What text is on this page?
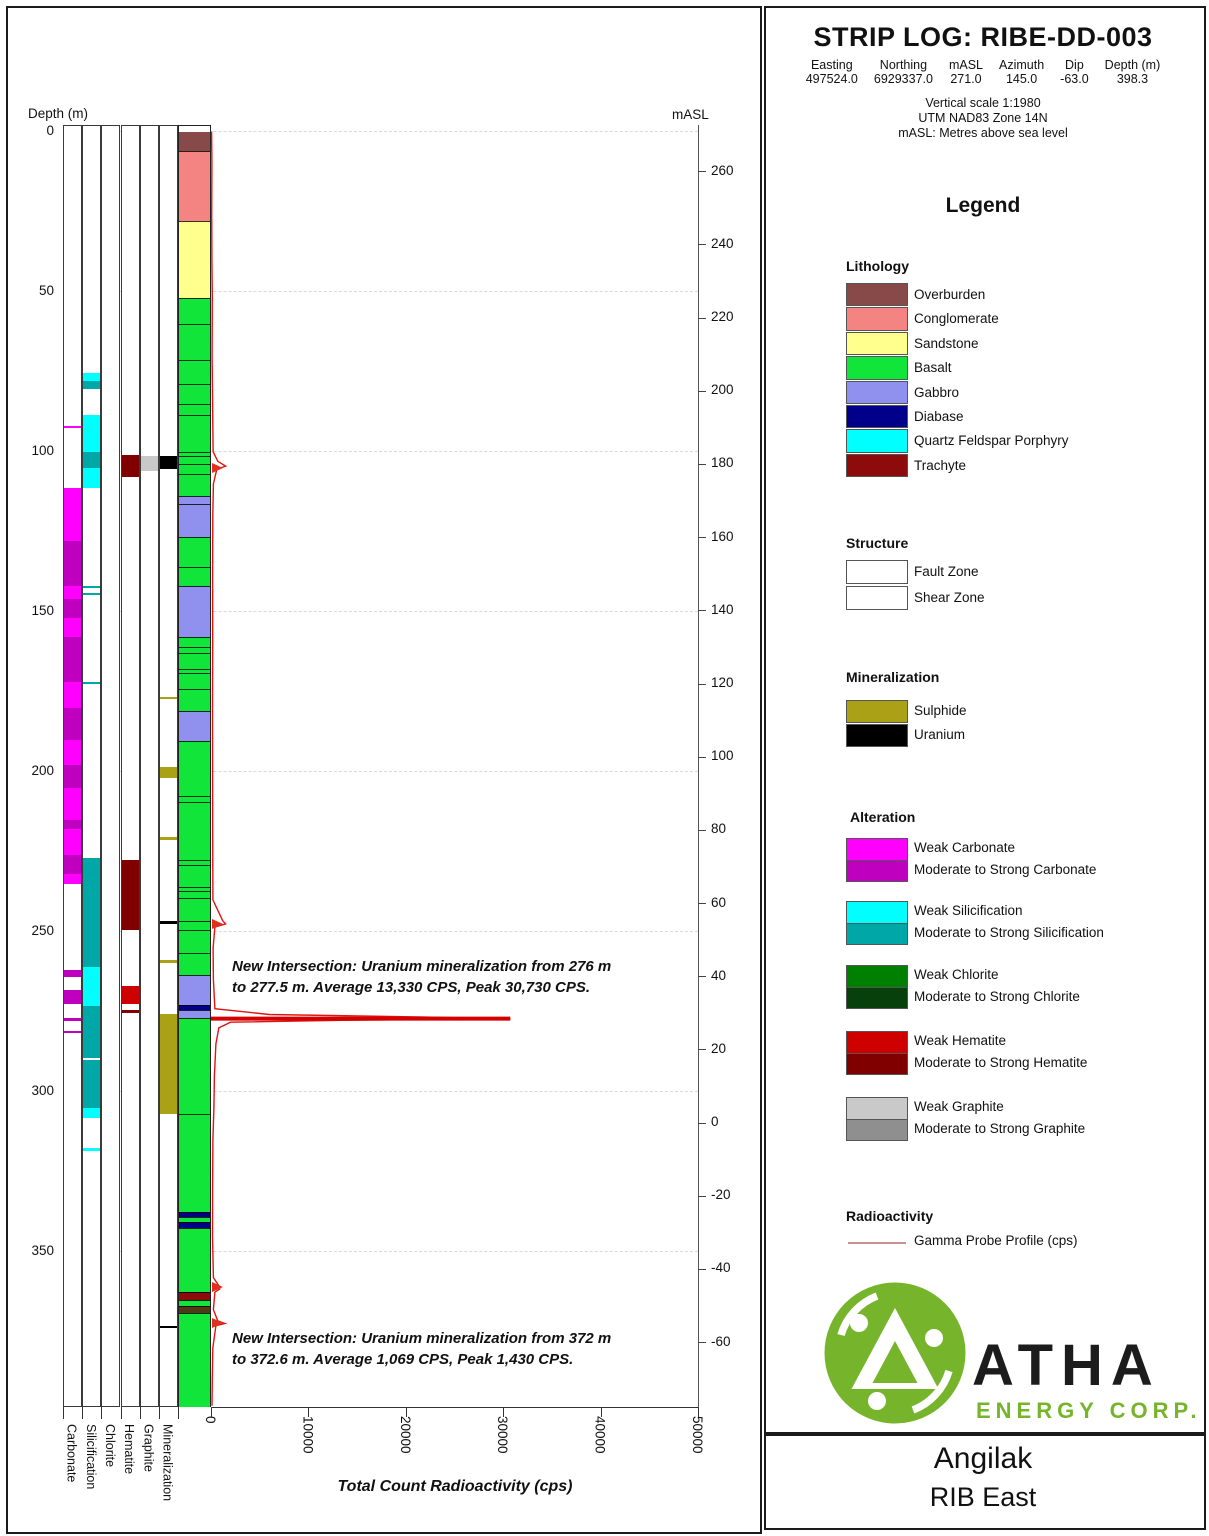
STRIP LOG: RIBE-DD-003
Easting
497524.0
Northing
6929337.0
mASL
271.0
Azimuth
145.0
Dip
-63.0
Depth (m)
398.3
Vertical scale 1:1980
UTM NAD83 Zone 14N
mASL: Metres above sea level
Legend
Lithology
Structure
Mineralization
Alteration
Radioactivity
Gamma Probe Profile (cps)
ATHA
ENERGY CORP.
Angilak
RIB East
Depth (m)	mASL
Total Count Radioactivity (cps)
New Intersection: Uranium mineralization from 276 m
to 277.5 m. Average 13,330 CPS, Peak 30,730 CPS.
New Intersection: Uranium mineralization from 372 m
to 372.6 m. Average 1,069 CPS, Peak 1,430 CPS.
0
50
100
150
200
250
300
350
260
240
220
200
180
160
140
120
100
80
60
40
20
0
-20
-40
-60
Carbonate Silicification Chlorite Hematite Graphite Mineralization
0	10000	20000	30000	40000	50000
Overburden
Conglomerate
Sandstone
Basalt
Gabbro
Diabase
Quartz Feldspar Porphyry
Trachyte
Fault Zone
Shear Zone
Sulphide
Uranium
Weak Carbonate
Moderate to Strong Carbonate
Weak Silicification
Moderate to Strong Silicification
Weak Chlorite
Moderate to Strong Chlorite
Weak Hematite
Moderate to Strong Hematite
Weak Graphite
Moderate to Strong Graphite
